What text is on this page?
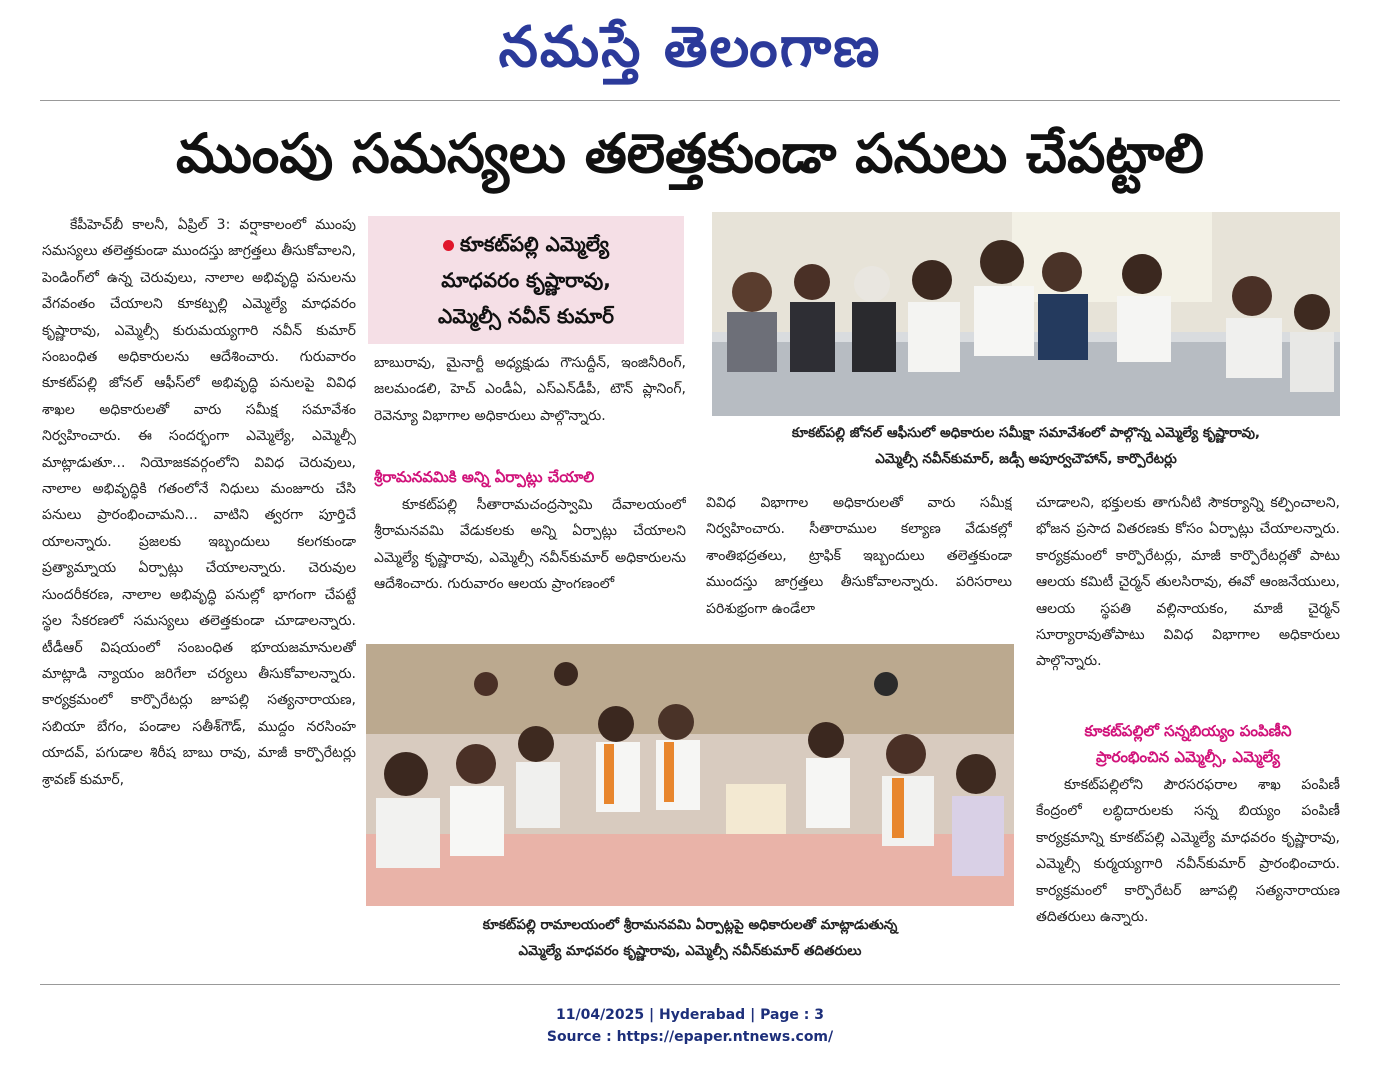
నమస్తే తెలంగాణ
ముంపు సమస్యలు తలెత్తకుండా పనులు చేపట్టాలి

కేపీహెచ్‌బీ కాలనీ, ఏప్రిల్ 3: వర్షాకాలంలో ముంపు సమస్యలు తలెత్తకుండా ముందస్తు జాగ్రత్తలు తీసుకోవాలని, పెండింగ్‌లో ఉన్న చెరువులు, నాలాల అభివృద్ధి పనులను వేగవంతం చేయాలని కూకట్పల్లి ఎమ్మెల్యే మాధవరం కృష్ణారావు, ఎమ్మెల్సీ కురుమయ్యగారి నవీన్ కుమార్ సంబంధిత అధికారులను ఆదేశించారు. గురువారం కూకట్‌పల్లి జోనల్ ఆఫీస్‌లో అభివృద్ధి పనులపై వివిధ శాఖల అధికారులతో వారు సమీక్ష సమావేశం నిర్వహించారు. ఈ సందర్భంగా ఎమ్మెల్యే, ఎమ్మెల్సీ మాట్లాడుతూ... నియోజకవర్గంలోని వివిధ చెరువులు, నాలాల అభివృద్ధికి గతంలోనే నిధులు మంజూరు చేసి పనులు ప్రారంభించామని... వాటిని త్వరగా పూర్తిచే యాలన్నారు. ప్రజలకు ఇబ్బందులు కలగకుండా ప్రత్యామ్నాయ ఏర్పాట్లు చేయాలన్నారు. చెరువుల సుందరీకరణ, నాలాల అభివృద్ధి పనుల్లో భాగంగా చేపట్టే స్థల సేకరణలో సమస్యలు తలెత్తకుండా చూడాలన్నారు. టీడీఆర్ విషయంలో సంబంధిత భూయజమానులతో మాట్లాడి న్యాయం జరిగేలా చర్యలు తీసుకోవాలన్నారు. కార్యక్రమంలో కార్పొరేటర్లు జూపల్లి సత్యనారాయణ, సబియా బేగం, పండాల సతీశ్‌గౌడ్, ముద్దం నరసింహ యాదవ్, పగుడాల శిరీష బాబు రావు, మాజీ కార్పొరేటర్లు శ్రావణ్ కుమార్,

కూకట్‌పల్లి ఎమ్మెల్యే
మాధవరం కృష్ణారావు,
ఎమ్మెల్సీ నవీన్ కుమార్

బాబురావు, మైనార్టీ అధ్యక్షుడు గౌసుద్దీన్, ఇంజినీరింగ్, జలమండలి, హెచ్ ఎండీఏ, ఎస్ఎన్‌డీపీ, టౌన్ ప్లానింగ్, రెవెన్యూ విభాగాల అధికారులు పాల్గొన్నారు.

శ్రీరామనవమికి అన్ని ఏర్పాట్లు చేయాలి

కూకట్‌పల్లి సీతారామచంద్రస్వామి దేవాలయంలో శ్రీరామనవమి వేడుకలకు అన్ని ఏర్పాట్లు చేయాలని ఎమ్మెల్యే కృష్ణారావు, ఎమ్మెల్సీ నవీన్‌కుమార్ అధికారులను ఆదేశించారు. గురువారం ఆలయ ప్రాంగణంలో

కూకట్‌పల్లి జోనల్ ఆఫీసులో అధికారుల సమీక్షా సమావేశంలో పాల్గొన్న ఎమ్మెల్యే కృష్ణారావు,
ఎమ్మెల్సీ నవీన్‌కుమార్, జడ్సీ అపూర్వచౌహాన్, కార్పొరేటర్లు

వివిధ విభాగాల అధికారులతో వారు సమీక్ష నిర్వహించారు. సీతారాముల కల్యాణ వేడుకల్లో శాంతిభద్రతలు, ట్రాఫిక్ ఇబ్బందులు తలెత్తకుండా ముందస్తు జాగ్రత్తలు తీసుకోవాలన్నారు. పరిసరాలు పరిశుభ్రంగా ఉండేలా

చూడాలని, భక్తులకు తాగునీటి సౌకర్యాన్ని కల్పించాలని, భోజన ప్రసాద వితరణకు కోసం ఏర్పాట్లు చేయాలన్నారు. కార్యక్రమంలో కార్పొరేటర్లు, మాజీ కార్పొరేటర్లతో పాటు ఆలయ కమిటీ చైర్మన్ తులసిరావు, ఈవో ఆంజనేయులు, ఆలయ స్థపతి వల్లినాయకం, మాజీ చైర్మన్ సూర్యారావుతోపాటు వివిధ విభాగాల అధికారులు పాల్గొన్నారు.

కూకట్‌పల్లిలో సన్నబియ్యం పంపిణీని
ప్రారంభించిన ఎమ్మెల్సీ, ఎమ్మెల్యే

కూకట్‌పల్లిలోని పౌరసరఫరాల శాఖ పంపిణీ కేంద్రంలో లబ్ధిదారులకు సన్న బియ్యం పంపిణీ కార్యక్రమాన్ని కూకట్‌పల్లి ఎమ్మెల్యే మాధవరం కృష్ణారావు, ఎమ్మెల్సీ కుర్మయ్యగారి నవీన్‌కుమార్ ప్రారంభించారు. కార్యక్రమంలో కార్పొరేటర్ జూపల్లి సత్యనారాయణ తదితరులు ఉన్నారు.

కూకట్‌పల్లి రామాలయంలో శ్రీరామనవమి ఏర్పాట్లపై అధికారులతో మాట్లాడుతున్న
ఎమ్మెల్యే మాధవరం కృష్ణారావు, ఎమ్మెల్సీ నవీన్‌కుమార్ తదితరులు
11/04/2025 | Hyderabad | Page : 3
Source : https://epaper.ntnews.com/
